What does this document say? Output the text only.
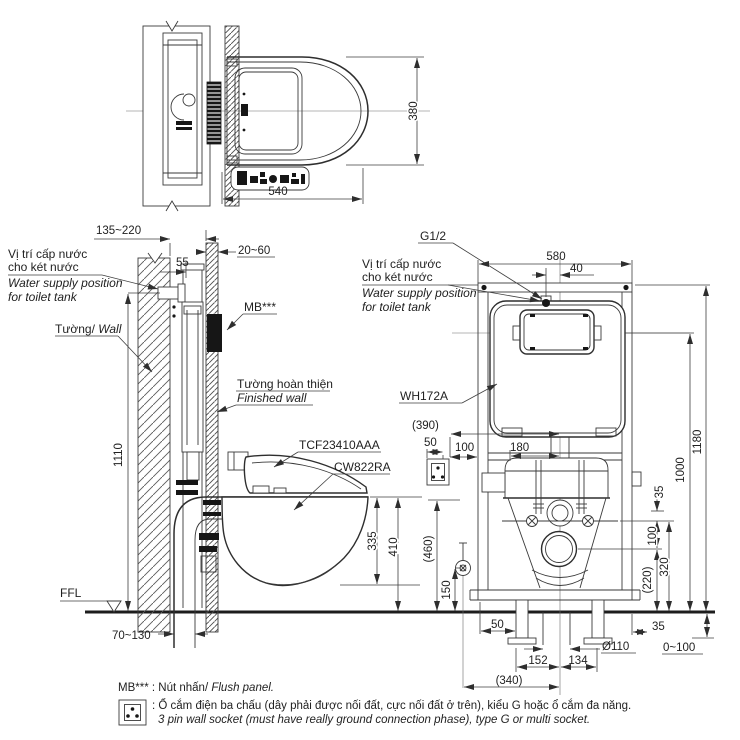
380
540
Vị trí cấp nước
cho két nước
Water supply position
for toilet tank
Tường/ Wall
MB***
Tường hoàn thiện
Finished wall
TCF23410AAA
CW822RA
FFL
135~220
55
20~60
1110
70~130
335 410
G1/2
Vị trí cấp nước
cho két nước
Water supply position
for toilet tank
WH172A
580
40
(390)
50 100	180
(460)
150
35
100
(220) 320
1000
1180
50	35
Ø110	0~100
152 134
(340)
MB*** : Nút nhấn/ Flush panel.
: Ổ cắm điện ba chấu (dây phải được nối đất, cực nối đất ở trên), kiểu G hoặc ổ cắm đa năng.
3 pin wall socket (must have really ground connection phase), type G or multi socket.
